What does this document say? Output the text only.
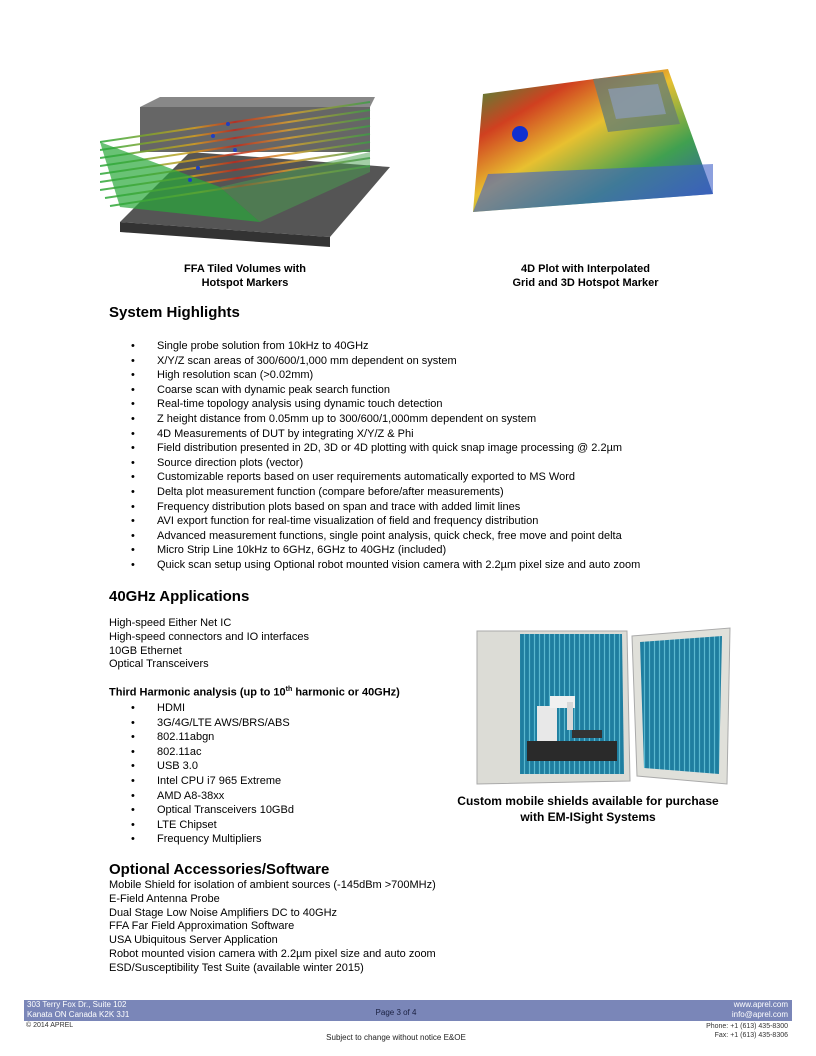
FFA Tiled Volumes with
Hotspot Markers
4D Plot with Interpolated
Grid and 3D Hotspot Marker
System Highlights
• Single probe solution from 10kHz to 40GHz
• X/Y/Z scan areas of 300/600/1,000 mm dependent on system
• High resolution scan (>0.02mm)
• Coarse scan with dynamic peak search function
• Real-time topology analysis using dynamic touch detection
• Z height distance from 0.05mm up to 300/600/1,000mm dependent on system
• 4D Measurements of DUT by integrating X/Y/Z & Phi
• Field distribution presented in 2D, 3D or 4D plotting with quick snap image processing @ 2.2µm
• Source direction plots (vector)
• Customizable reports based on user requirements automatically exported to MS Word
• Delta plot measurement function (compare before/after measurements)
• Frequency distribution plots based on span and trace with added limit lines
• AVI export function for real-time visualization of field and frequency distribution
• Advanced measurement functions, single point analysis, quick check, free move and point delta
• Micro Strip Line 10kHz to 6GHz, 6GHz to 40GHz (included)
• Quick scan setup using Optional robot mounted vision camera with 2.2µm pixel size and auto zoom
40GHz Applications
High-speed Either Net IC
High-speed connectors and IO interfaces
10GB Ethernet
Optical Transceivers
Third Harmonic analysis (up to 10th harmonic or 40GHz)
• HDMI
• 3G/4G/LTE AWS/BRS/ABS
• 802.11abgn
• 802.11ac
• USB 3.0
• Intel CPU i7 965 Extreme
• AMD A8-38xx
• Optical Transceivers 10GBd
• LTE Chipset
• Frequency Multipliers
Custom mobile shields available for purchase
with EM-ISight Systems
Optional Accessories/Software
Mobile Shield for isolation of ambient sources (-145dBm >700MHz)
E-Field Antenna Probe
Dual Stage Low Noise Amplifiers DC to 40GHz
FFA Far Field Approximation Software
USA Ubiquitous Server Application
Robot mounted vision camera with 2.2µm pixel size and auto zoom
ESD/Susceptibility Test Suite (available winter 2015)
303 Terry Fox Dr., Suite 102
Kanata ON Canada K2K 3J1	Page 3 of 4
www.aprel.com
info@aprel.com
© 2014 APREL	Phone: +1 (613) 435-8300
Fax: +1 (613) 435-8306
Subject to change without notice E&OE
